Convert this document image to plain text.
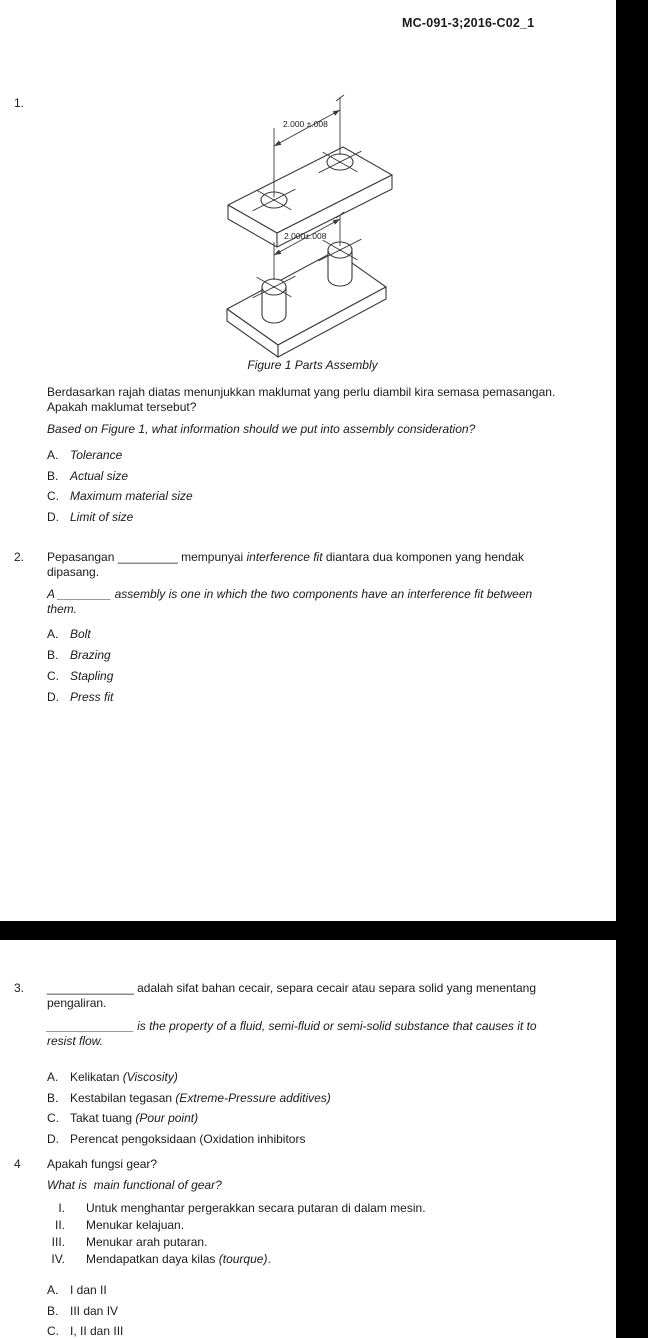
MC-091-3;2016-C02_1
1.
2.000 ±.008
2.000±.008
Figure 1 Parts Assembly
Berdasarkan rajah diatas menunjukkan maklumat yang perlu diambil kira semasa pemasangan.
Apakah maklumat tersebut?
Based on Figure 1, what information should we put into assembly consideration?
A. Tolerance
B. Actual size
C. Maximum material size
D. Limit of size
2. Pepasangan _________ mempunyai interference fit diantara dua komponen yang hendak
dipasang.
A ________ assembly is one in which the two components have an interference fit between
them.
A. Bolt
B. Brazing
C. Stapling
D. Press fit
3. _____________ adalah sifat bahan cecair, separa cecair atau separa solid yang menentang
pengaliran.
_____________ is the property of a fluid, semi-fluid or semi-solid substance that causes it to
resist flow.
A. Kelikatan (Viscosity)
B. Kestabilan tegasan (Extreme-Pressure additives)
C. Takat tuang (Pour point)
D. Perencat pengoksidaan (Oxidation inhibitors
4 Apakah fungsi gear?
What is  main functional of gear?
I. Untuk menghantar pergerakkan secara putaran di dalam mesin.
II. Menukar kelajuan.
III. Menukar arah putaran.
IV. Mendapatkan daya kilas (tourque).
A. I dan II
B. III dan IV
C. I, II dan III
